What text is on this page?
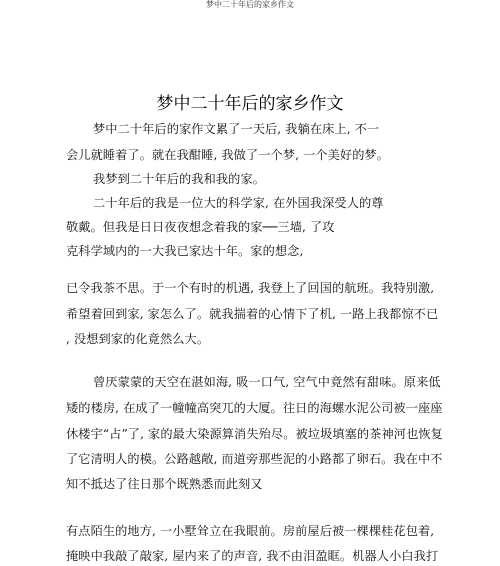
梦中二十年后的家乡作文
梦中二十年后的家乡作文
梦中二十年后的家作文累了一天后, 我躺在床上, 不一
会儿就睡着了。就在我酣睡, 我做了一个梦, 一个美好的梦。
我梦到二十年后的我和我的家。
二十年后的我是一位大的科学家, 在外国我深受人的尊
敬戴。但我是日日夜夜想念着我的家──三墙, 了攻
克科学域内的一大我已家达十年。家的想念,
已令我茶不思。于一个有时的机遇, 我登上了回国的航班。我特别激,
希望着回到家, 家怎么了。就我揣着的心情下了机, 一路上我都惊不已
, 没想到家的化竟然么大。
曾厌蒙蒙的天空在湛如海, 吸一口气, 空气中竟然有甜味。原来低
矮的楼房, 在成了一幢幢高突兀的大厦。往日的海螺水泥公司被一座座
休楼宇“占”了, 家的最大染源算消失殆尽。被垃圾填塞的茶神河也恢复
了它清明人的模。公路越敞, 而道旁那些泥的小路都了卵石。我在中不
知不抵达了往日那个既熟悉而此刻又
有点陌生的地方, 一小墅耸立在我眼前。房前屋后被一棵棵桂花包着,
掩映中我敲了敲家, 屋内来了的声音, 我不由泪盈眶。机器人小白我打
